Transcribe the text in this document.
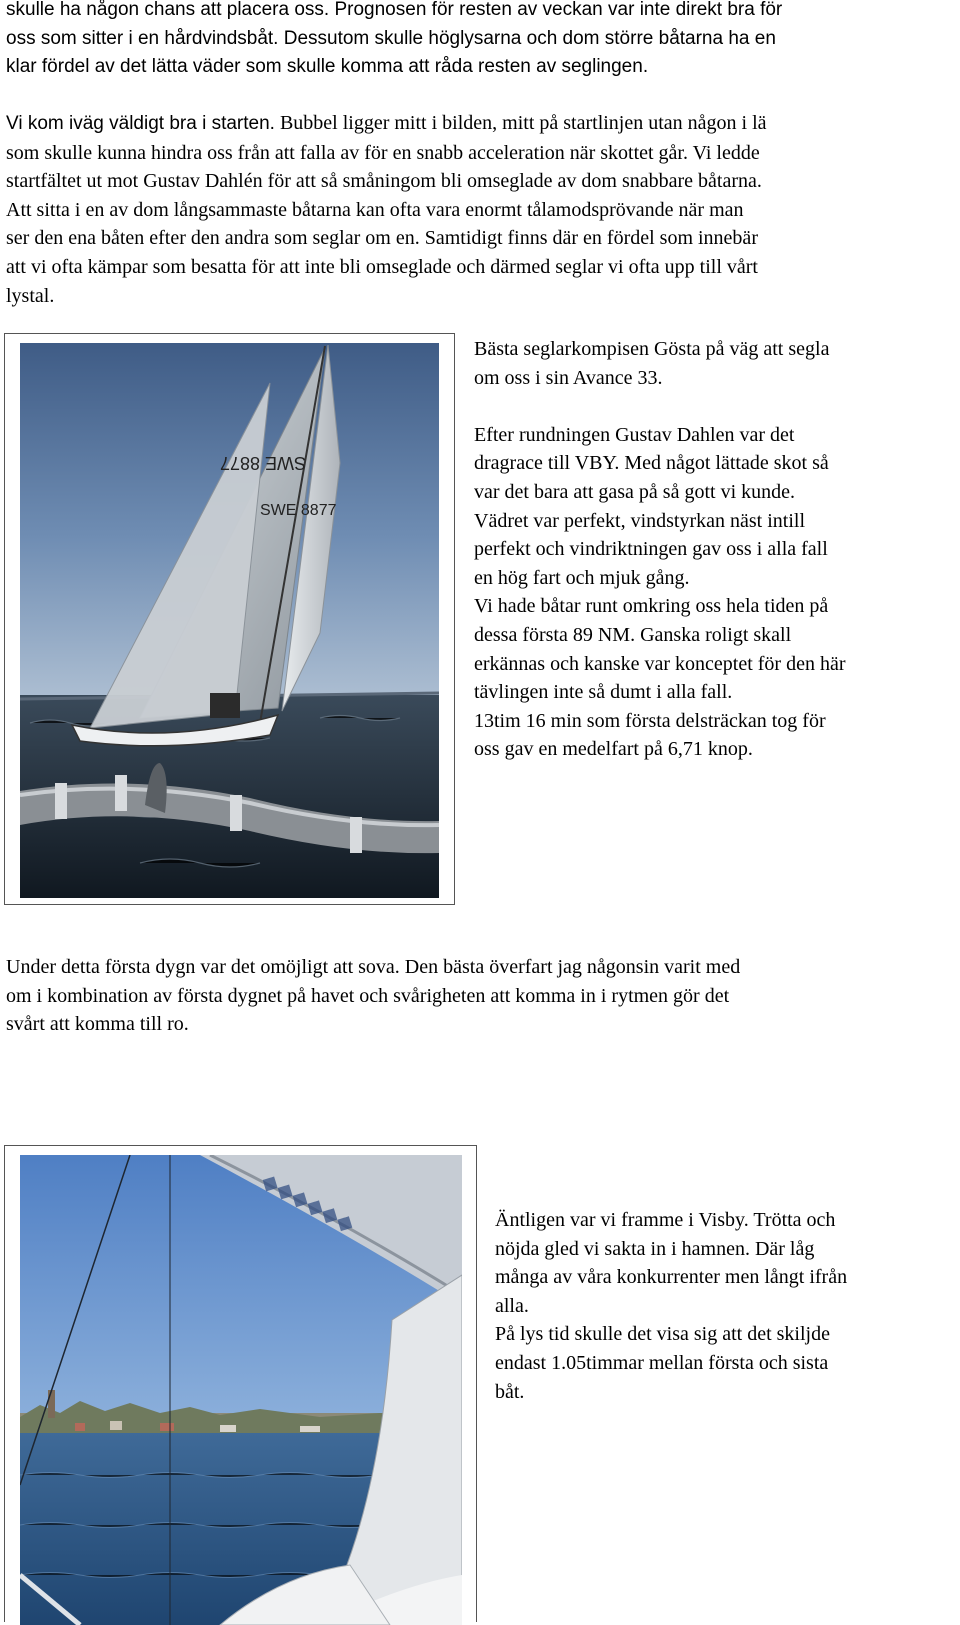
skulle ha någon chans att placera oss. Prognosen för resten av veckan var inte direkt bra för
oss som sitter i en hårdvindsbåt. Dessutom skulle höglysarna och dom större båtarna ha en
klar fördel av det lätta väder som skulle komma att råda resten av seglingen.

Vi kom iväg väldigt bra i starten. Bubbel ligger mitt i bilden, mitt på startlinjen utan någon i lä
som skulle kunna hindra oss från att falla av för en snabb acceleration när skottet går. Vi ledde
startfältet ut mot Gustav Dahlén för att så småningom bli omseglade av dom snabbare båtarna.
Att sitta i en av dom långsammaste båtarna kan ofta vara enormt tålamodsprövande när man
ser den ena båten efter den andra som seglar om en. Samtidigt finns där en fördel som innebär
att vi ofta kämpar som besatta för att inte bli omseglade och därmed seglar vi ofta upp till vårt
lystal.

SWE 8877
SWE 8877
Bästa seglarkompisen Gösta på väg att segla
om oss i sin Avance 33.

Efter rundningen Gustav Dahlen var det
dragrace till VBY. Med något lättade skot så
var det bara att gasa på så gott vi kunde.
Vädret var perfekt, vindstyrkan näst intill
perfekt och vindriktningen gav oss i alla fall
en hög fart och mjuk gång.
Vi hade båtar runt omkring oss hela tiden på
dessa första 89 NM. Ganska roligt skall
erkännas och kanske var konceptet för den här
tävlingen inte så dumt i alla fall.
13tim 16 min som första delsträckan tog för
oss gav en medelfart på 6,71 knop.

Under detta första dygn var det omöjligt att sova. Den bästa överfart jag någonsin varit med
om i kombination av första dygnet på havet och svårigheten att komma in i rytmen gör det
svårt att komma till ro.

◆◆◆◆◆◆	Äntligen var vi framme i Visby. Trötta och
nöjda gled vi sakta in i hamnen. Där låg
många av våra konkurrenter men långt ifrån
alla.
På lys tid skulle det visa sig att det skiljde
endast 1.05timmar mellan första och sista
båt.
